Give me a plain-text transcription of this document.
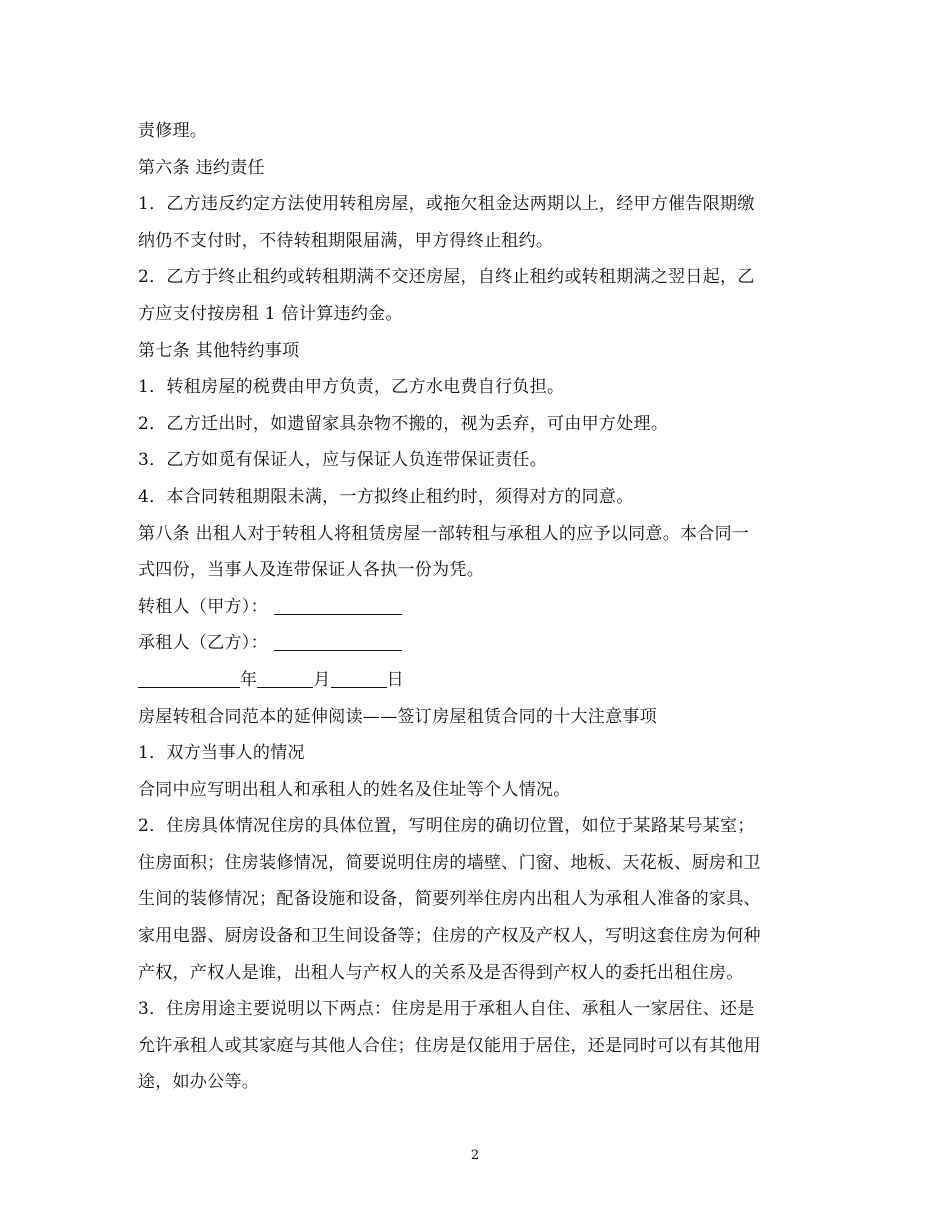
责修理。
第六条 违约责任
1．乙方违反约定方法使用转租房屋，或拖欠租金达两期以上，经甲方催告限期缴
纳仍不支付时，不待转租期限届满，甲方得终止租约。
2．乙方于终止租约或转租期满不交还房屋，自终止租约或转租期满之翌日起，乙
方应支付按房租 1 倍计算违约金。
第七条 其他特约事项
1．转租房屋的税费由甲方负责，乙方水电费自行负担。
2．乙方迁出时，如遗留家具杂物不搬的，视为丢弃，可由甲方处理。
3．乙方如觅有保证人，应与保证人负连带保证责任。
4．本合同转租期限未满，一方拟终止租约时，须得对方的同意。
第八条 出租人对于转租人将租赁房屋一部转租与承租人的应予以同意。本合同一
式四份，当事人及连带保证人各执一份为凭。
转租人（甲方）：
承租人（乙方）：
年	月	日
房屋转租合同范本的延伸阅读——签订房屋租赁合同的十大注意事项
1．双方当事人的情况
合同中应写明出租人和承租人的姓名及住址等个人情况。
2．住房具体情况住房的具体位置，写明住房的确切位置，如位于某路某号某室；
住房面积；住房装修情况，简要说明住房的墙壁、门窗、地板、天花板、厨房和卫
生间的装修情况；配备设施和设备，简要列举住房内出租人为承租人准备的家具、
家用电器、厨房设备和卫生间设备等；住房的产权及产权人，写明这套住房为何种
产权，产权人是谁，出租人与产权人的关系及是否得到产权人的委托出租住房。
3．住房用途主要说明以下两点：住房是用于承租人自住、承租人一家居住、还是
允许承租人或其家庭与其他人合住；住房是仅能用于居住，还是同时可以有其他用
途，如办公等。
2
